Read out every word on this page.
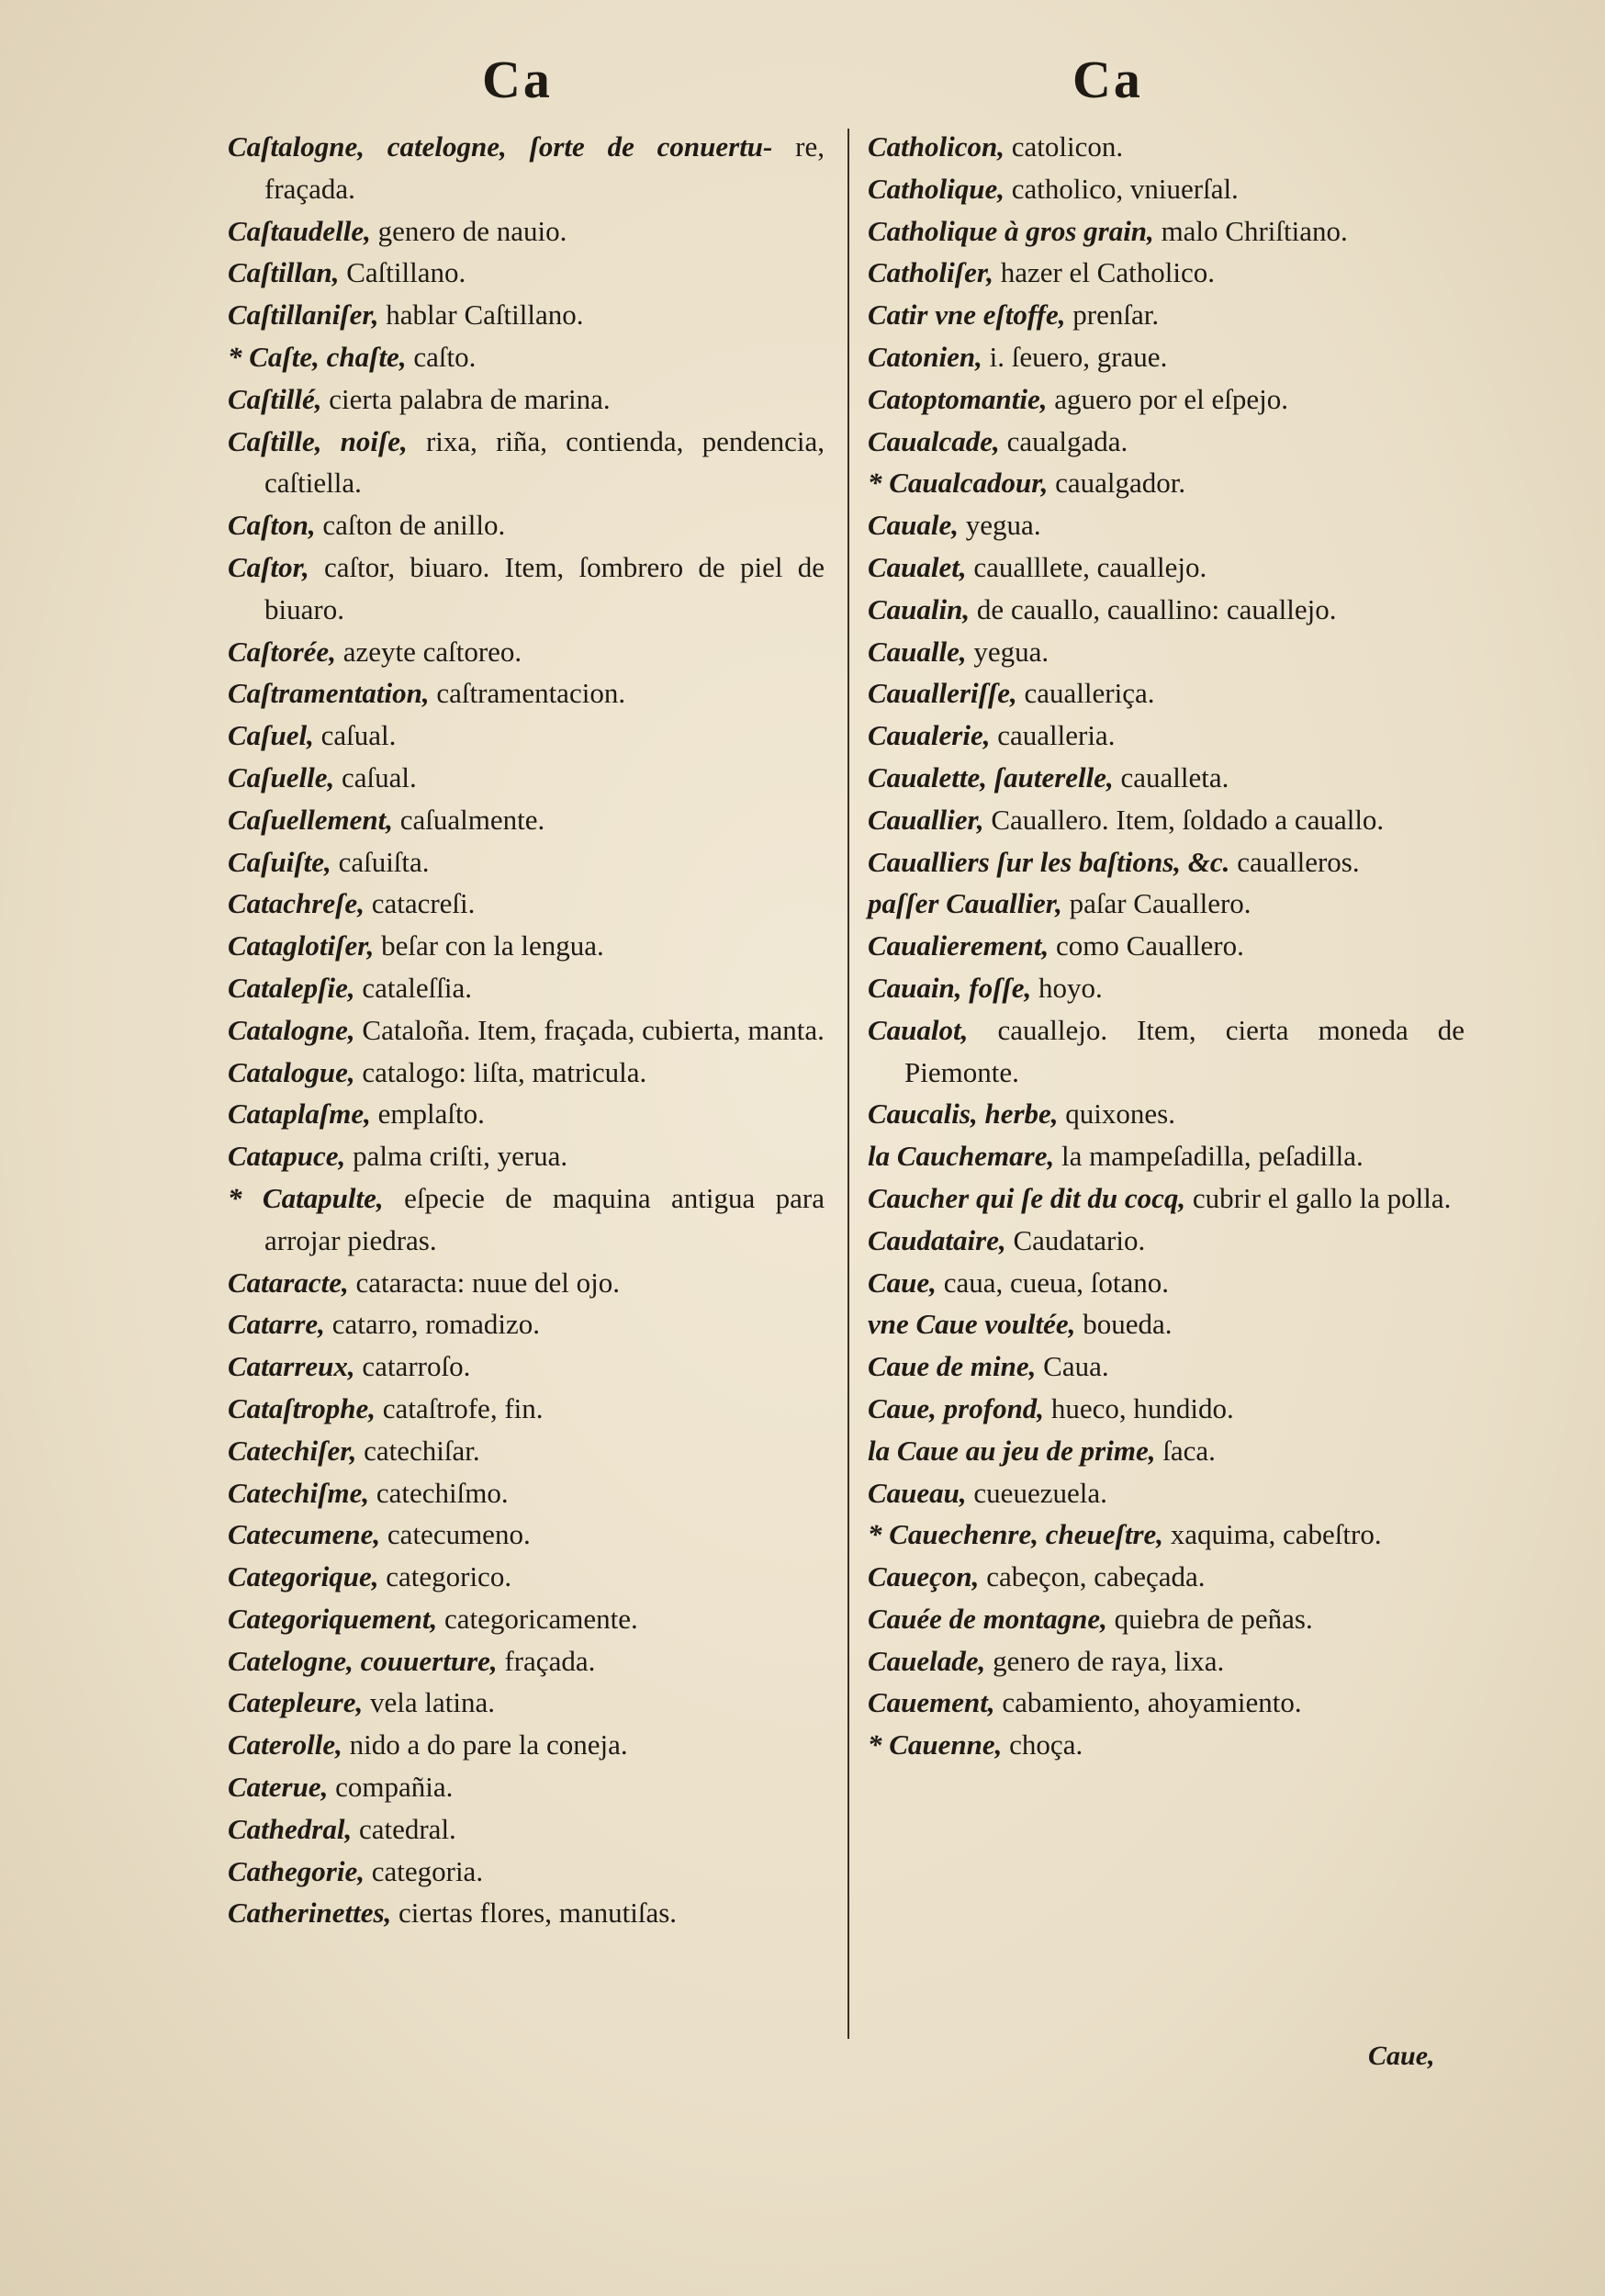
Ca	Ca
Caſtalogne, catelogne, ſorte de conuertu- re, fraçada.
Caſtaudelle, genero de nauio.
Caſtillan, Caſtillano.
Caſtillaniſer, hablar Caſtillano.
* Caſte, chaſte, caſto.
Caſtillé, cierta palabra de marina.
Caſtille, noiſe, rixa, riña, contienda, pendencia, caſtiella.
Caſton, caſton de anillo.
Caſtor, caſtor, biuaro. Item, ſombrero de piel de biuaro.
Caſtorée, azeyte caſtoreo.
Caſtramentation, caſtramentacion.
Caſuel, caſual.
Caſuelle, caſual.
Caſuellement, caſualmente.
Caſuiſte, caſuiſta.
Catachreſe, catacreſi.
Cataglotiſer, beſar con la lengua.
Catalepſie, cataleſſia.
Catalogne, Cataloña. Item, fraçada, cubierta, manta.
Catalogue, catalogo: liſta, matricula.
Cataplaſme, emplaſto.
Catapuce, palma criſti, yerua.
* Catapulte, eſpecie de maquina antigua para arrojar piedras.
Cataracte, cataracta: nuue del ojo.
Catarre, catarro, romadizo.
Catarreux, catarroſo.
Cataſtrophe, cataſtrofe, fin.
Catechiſer, catechiſar.
Catechiſme, catechiſmo.
Catecumene, catecumeno.
Categorique, categorico.
Categoriquement, categoricamente.
Catelogne, couuerture, fraçada.
Catepleure, vela latina.
Caterolle, nido a do pare la coneja.
Caterue, compañia.
Cathedral, catedral.
Cathegorie, categoria.
Catherinettes, ciertas flores, manutiſas.
Catholicon, catolicon.
Catholique, catholico, vniuerſal.
Catholique à gros grain, malo Chriſtiano.
Catholiſer, hazer el Catholico.
Catir vne eſtoffe, prenſar.
Catonien, i. ſeuero, graue.
Catoptomantie, aguero por el eſpejo.
Caualcade, caualgada.
* Caualcadour, caualgador.
Cauale, yegua.
Caualet, caualllete, cauallejo.
Caualin, de cauallo, cauallino: cauallejo.
Caualle, yegua.
Caualleriſſe, caualleriça.
Caualerie, caualleria.
Caualette, ſauterelle, caualleta.
Cauallier, Cauallero. Item, ſoldado a cauallo.
Caualliers ſur les baſtions, &c. caualleros.
paſſer Cauallier, paſar Cauallero.
Caualierement, como Cauallero.
Cauain, foſſe, hoyo.
Caualot, cauallejo. Item, cierta moneda de Piemonte.
Caucalis, herbe, quixones.
la Cauchemare, la mampeſadilla, peſadilla.
Caucher qui ſe dit du cocq, cubrir el gallo la polla.
Caudataire, Caudatario.
Caue, caua, cueua, ſotano.
vne Caue voultée, boueda.
Caue de mine, Caua.
Caue, profond, hueco, hundido.
la Caue au jeu de prime, ſaca.
Caueau, cueuezuela.
* Cauechenre, cheueſtre, xaquima, cabeſtro.
Caueçon, cabeçon, cabeçada.
Cauée de montagne, quiebra de peñas.
Cauelade, genero de raya, lixa.
Cauement, cabamiento, ahoyamiento.
* Cauenne, choça.
Caue,
